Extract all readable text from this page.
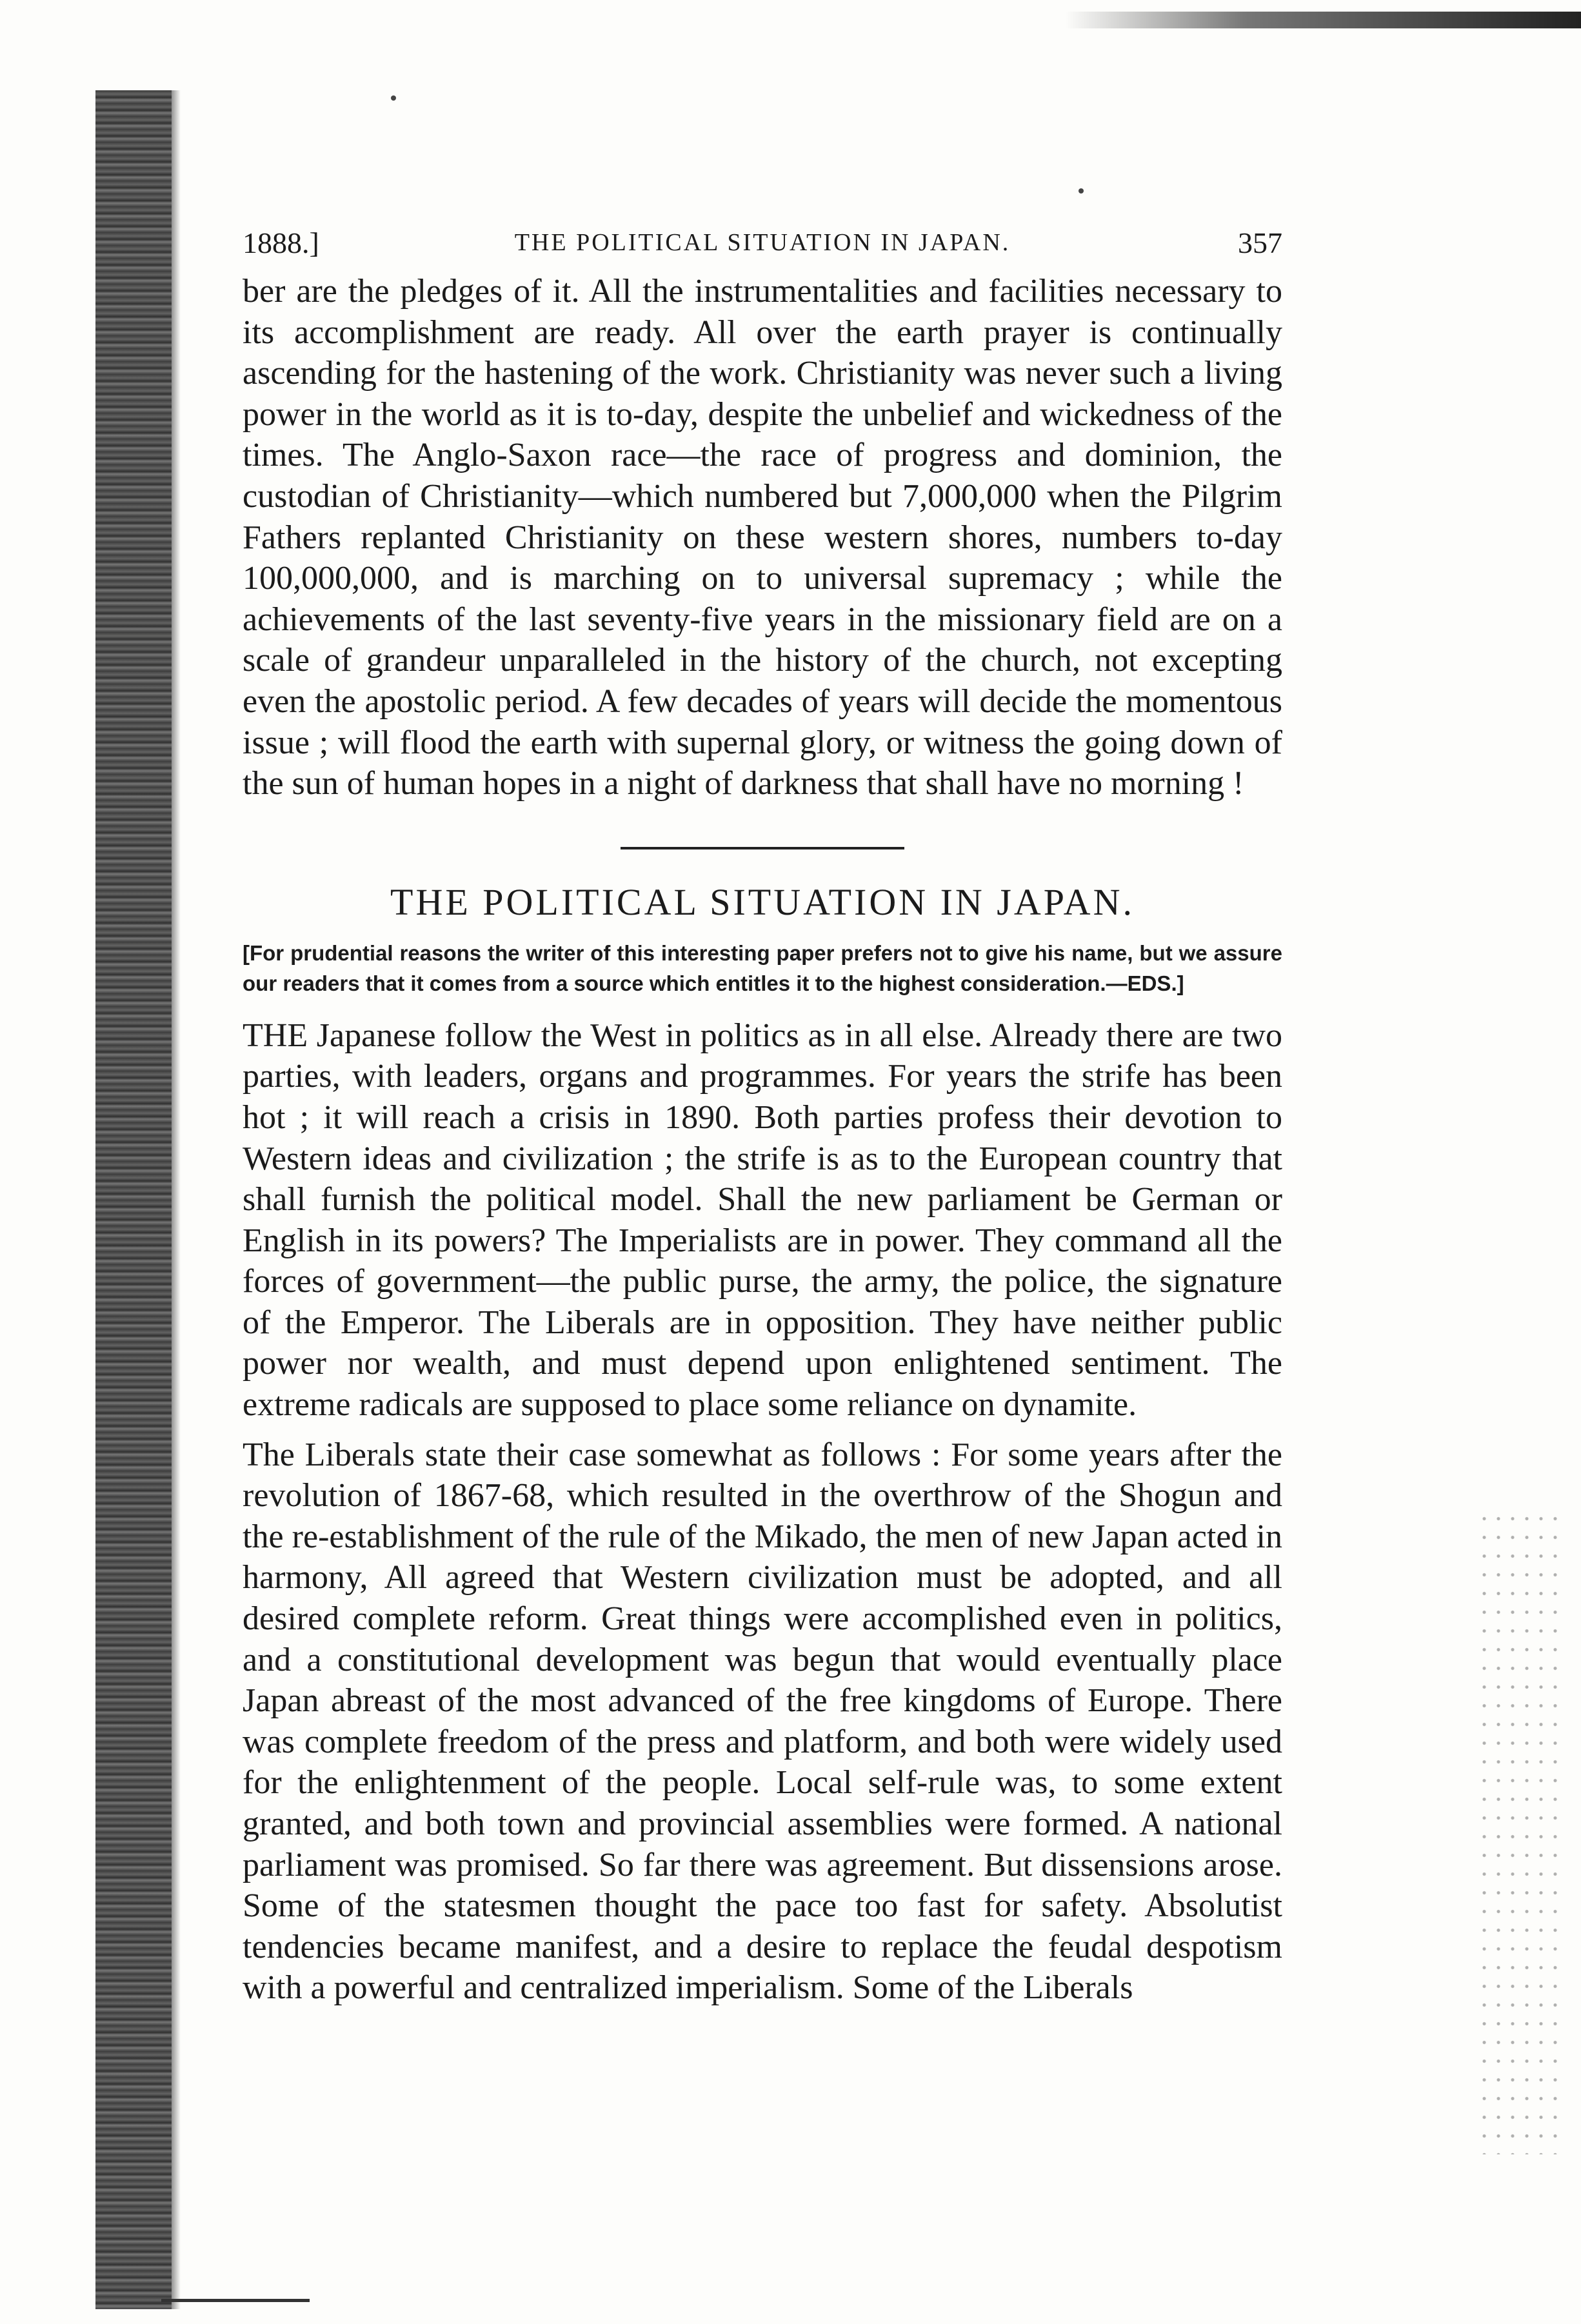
1888.]	THE POLITICAL SITUATION IN JAPAN.	357

ber are the pledges of it. All the instrumentalities and facilities necessary to its accomplishment are ready. All over the earth prayer is continually ascending for the hastening of the work. Christianity was never such a living power in the world as it is to-day, despite the unbelief and wickedness of the times. The Anglo-Saxon race—the race of progress and dominion, the custodian of Christianity—which numbered but 7,000,000 when the Pilgrim Fathers replanted Christianity on these western shores, numbers to-day 100,000,000, and is marching on to universal supremacy ; while the achievements of the last seventy-five years in the missionary field are on a scale of grandeur unparalleled in the history of the church, not excepting even the apostolic period. A few decades of years will decide the momentous issue ; will flood the earth with supernal glory, or witness the going down of the sun of human hopes in a night of darkness that shall have no morning !

THE POLITICAL SITUATION IN JAPAN.

[For prudential reasons the writer of this interesting paper prefers not to give his name, but we assure our readers that it comes from a source which entitles it to the highest consideration.—EDS.]

THE Japanese follow the West in politics as in all else. Already there are two parties, with leaders, organs and programmes. For years the strife has been hot ; it will reach a crisis in 1890. Both parties profess their devotion to Western ideas and civilization ; the strife is as to the European country that shall furnish the political model. Shall the new parliament be German or English in its powers? The Imperialists are in power. They command all the forces of government—the public purse, the army, the police, the signature of the Emperor. The Liberals are in opposition. They have neither public power nor wealth, and must depend upon enlightened sentiment. The extreme radicals are supposed to place some reliance on dynamite.

The Liberals state their case somewhat as follows : For some years after the revolution of 1867-68, which resulted in the overthrow of the Shogun and the re-establishment of the rule of the Mikado, the men of new Japan acted in harmony, All agreed that Western civilization must be adopted, and all desired complete reform. Great things were accomplished even in politics, and a constitutional development was begun that would eventually place Japan abreast of the most advanced of the free kingdoms of Europe. There was complete freedom of the press and platform, and both were widely used for the enlightenment of the people. Local self-rule was, to some extent granted, and both town and provincial assemblies were formed. A national parliament was promised. So far there was agreement. But dissensions arose. Some of the statesmen thought the pace too fast for safety. Absolutist tendencies became manifest, and a desire to replace the feudal despotism with a powerful and centralized imperialism. Some of the Liberals
